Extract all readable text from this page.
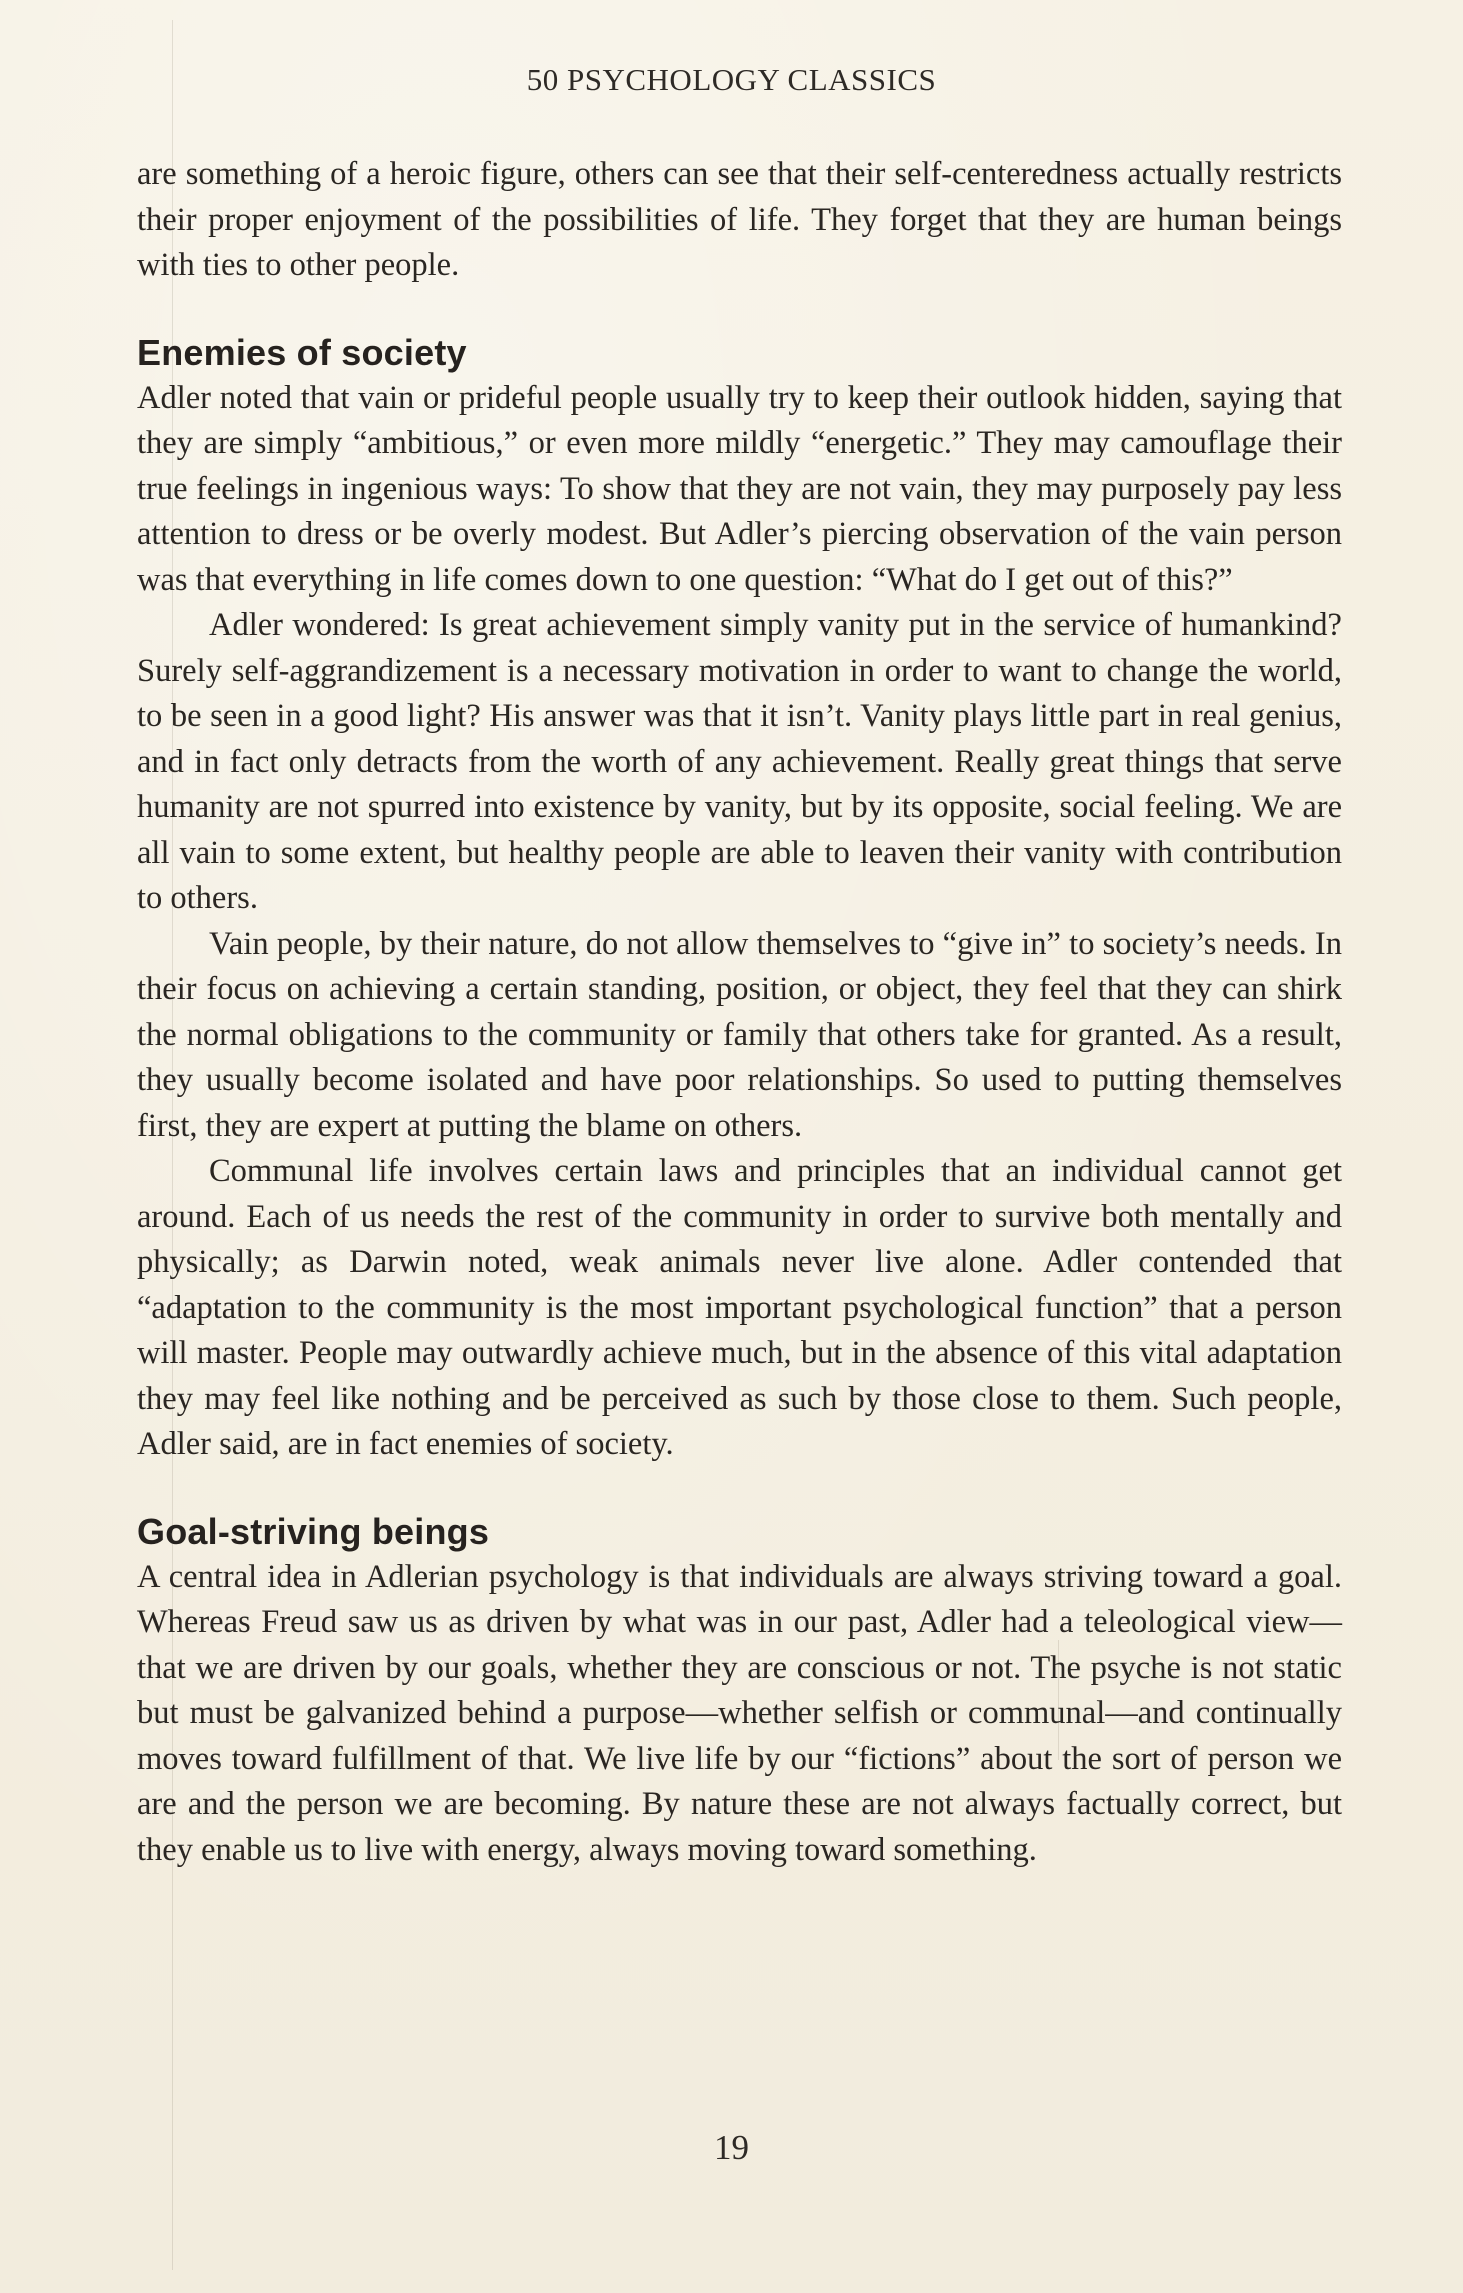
50 PSYCHOLOGY CLASSICS

are something of a heroic figure, others can see that their self-centeredness actually restricts their proper enjoyment of the possibilities of life. They forget that they are human beings with ties to other people.

Enemies of society

Adler noted that vain or prideful people usually try to keep their outlook hidden, saying that they are simply “ambitious,” or even more mildly “energetic.” They may camouflage their true feelings in ingenious ways: To show that they are not vain, they may purposely pay less attention to dress or be overly modest. But Adler’s piercing observation of the vain person was that everything in life comes down to one question: “What do I get out of this?”

Adler wondered: Is great achievement simply vanity put in the service of humankind? Surely self-aggrandizement is a necessary motivation in order to want to change the world, to be seen in a good light? His answer was that it isn’t. Vanity plays little part in real genius, and in fact only detracts from the worth of any achievement. Really great things that serve humanity are not spurred into existence by vanity, but by its opposite, social feeling. We are all vain to some extent, but healthy people are able to leaven their vanity with contribution to others.

Vain people, by their nature, do not allow themselves to “give in” to society’s needs. In their focus on achieving a certain standing, position, or object, they feel that they can shirk the normal obligations to the community or family that others take for granted. As a result, they usually become isolated and have poor relationships. So used to putting themselves first, they are expert at putting the blame on others.

Communal life involves certain laws and principles that an individual cannot get around. Each of us needs the rest of the community in order to survive both mentally and physically; as Darwin noted, weak animals never live alone. Adler contended that “adaptation to the community is the most important psychological function” that a person will master. People may outwardly achieve much, but in the absence of this vital adaptation they may feel like nothing and be perceived as such by those close to them. Such people, Adler said, are in fact enemies of society.

Goal-striving beings

A central idea in Adlerian psychology is that individuals are always striving toward a goal. Whereas Freud saw us as driven by what was in our past, Adler had a teleological view—that we are driven by our goals, whether they are conscious or not. The psyche is not static but must be galvanized behind a purpose—whether selfish or communal—and continually moves toward fulfillment of that. We live life by our “fictions” about the sort of person we are and the person we are becoming. By nature these are not always factually correct, but they enable us to live with energy, always moving toward something.

19
